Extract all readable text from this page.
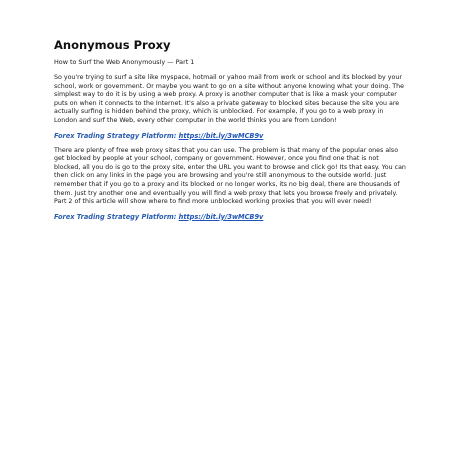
Anonymous Proxy

How to Surf the Web Anonymously — Part 1

So you're trying to surf a site like myspace, hotmail or yahoo mail from work or school and its blocked by your school, work or government. Or maybe you want to go on a site without anyone knowing what your doing. The simplest way to do it is by using a web proxy. A proxy is another computer that is like a mask your computer puts on when it connects to the Internet. It's also a private gateway to blocked sites because the site you are actually surfing is hidden behind the proxy, which is unblocked. For example, if you go to a web proxy in London and surf the Web, every other computer in the world thinks you are from London!

Forex Trading Strategy Platform: https://bit.ly/3wMCB9v

There are plenty of free web proxy sites that you can use. The problem is that many of the popular ones also get blocked by people at your school, company or government. However, once you find one that is not blocked, all you do is go to the proxy site, enter the URL you want to browse and click go! Its that easy. You can then click on any links in the page you are browsing and you're still anonymous to the outside world. Just remember that if you go to a proxy and its blocked or no longer works, its no big deal, there are thousands of them. Just try another one and eventually you will find a web proxy that lets you browse freely and privately. Part 2 of this article will show where to find more unblocked working proxies that you will ever need!

Forex Trading Strategy Platform: https://bit.ly/3wMCB9v
